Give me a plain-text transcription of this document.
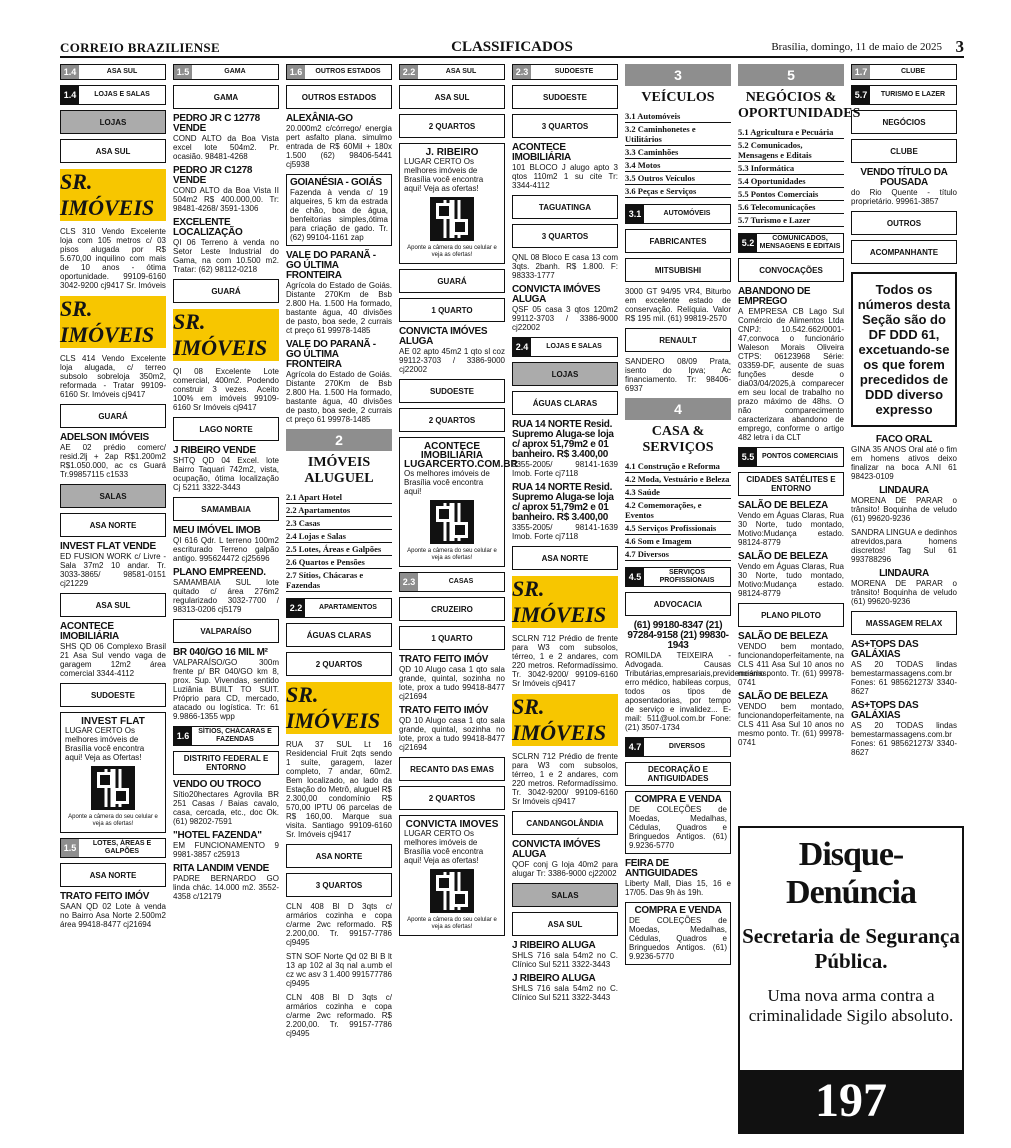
CORREIO BRAZILIENSE	CLASSIFICADOS	Brasília, domingo, 11 de maio de 2025 3
1.4	ASA SUL
1.4	LOJAS E SALAS
LOJAS
ASA SUL
SR. IMÓVEIS

CLS 310 Vendo Excelente loja com 105 metros c/ 03 pisos alugada por R$ 5.670,00 inquilino com mais de 10 anos - ótima oportunidade. 99109-6160 3042-9200 cj9417 Sr. Imóveis

SR. IMÓVEIS

CLS 414 Vendo Excelente loja alugada, c/ terreo subsolo sobreloja 350m2, reformada - Tratar 99109-6160 Sr. Imóveis cj9417

GUARÁ

ADELSON IMÓVEIS
AE 02 prédio comerc/ resid.2lj + 2ap R$1.200m2 R$1.050.000, ac cs Guará Tr.99857115 c1533

SALAS
ASA NORTE

INVEST FLAT VENDE
ED FUSION WORK c/ Livre - Sala 37m2 10 andar. Tr. 3033-3865/ 98581-0151 cj21229

ASA SUL

ACONTECE IMOBILIÁRIA
SHS QD 06 Complexo Brasil 21 Asa Sul vendo vaga de garagem 12m2 área comercial 3344-4112

SUDOESTE
INVEST FLAT
LUGAR CERTO Os melhores imóveis de Brasília você encontra aqui! Veja as Ofertas!
Aponte a câmera do seu celular e veja as ofertas!
1.5	LOTES, ÁREAS E GALPÕES
ASA NORTE

TRATO FEITO IMÓV
SAAN QD 02 Lote à venda no Bairro Asa Norte 2.500m2 área 99418-8477 cj21694

1.5	GAMA
GAMA

PEDRO JR C 12778 VENDE
COND ALTO da Boa Vista excel lote 504m2. Pr. ocasião. 98481-4268

PEDRO JR C1278 VENDE
COND ALTO da Boa Vista II 504m2 R$ 400.000,00. Tr: 98481-4268/ 3591-1306

EXCELENTE LOCALIZAÇÃO
QI 06 Terreno à venda no Setor Leste Industrial do Gama, na com 10.500 m2. Tratar: (62) 98112-0218

GUARÁ
SR. IMÓVEIS

QI 08 Excelente Lote comercial, 400m2. Podendo construir 3 vezes. Aceito 100% em imóveis 99109-6160 Sr Imóveis cj9417

LAGO NORTE

J RIBEIRO VENDE
SHTQ QD 04 Excel. lote Bairro Taquari 742m2, vista, ocupação, ótima localização Cj 5211 3322-3443

SAMAMBAIA

MEU IMÓVEL IMOB
QI 616 Qdr. L terreno 100m2 escriturado Terreno galpão antigo. 995624472 cj25696

PLANO EMPREEND.
SAMAMBAIA SUL lote quitado c/ área 276m2 regularizado 3032-7700 / 98313-0206 cj5179

VALPARAÍSO

BR 040/GO 16 MIL M²
VALPARAÍSO/GO 300m frente p/ BR 040/GO km 8, prox. Sup. Vivendas, sentido Luziânia BUILT TO SUIT. Próprio para CD, mercado, atacado ou logística. Tr: 61 9.9866-1355 wpp

1.6	SÍTIOS, CHÁCARAS E FAZENDAS
DISTRITO FEDERAL E ENTORNO

VENDO OU TROCO
Sítio20hectares Agrovila BR 251 Casas / Baias cavalo, casa, cercada, etc., doc Ok. (61) 98202-7591

"HOTEL FAZENDA"
EM FUNCIONAMENTO 9 9981-3857 c25913

RITA LANDIM VENDE
PADRE BERNARDO GO linda chác. 14.000 m2. 3552-4358 c/12179

1.6	OUTROS ESTADOS
OUTROS ESTADOS

ALEXÂNIA-GO
20.000m2 c/córrego/ energia pert asfalto plana. simulmo entrada de R$ 60Mil + 180x 1.500 (62) 98406-5441 cj5938

GOIANÉSIA - GOIÁS
Fazenda à venda c/ 19 alqueires, 5 km da estrada de chão, boa de água, benfeitorias simples,ótima para criação de gado. Tr. (62) 99104-1161 zap

VALE DO PARANÃ - GO ÚLTIMA FRONTEIRA
Agrícola do Estado de Goiás. Distante 270Km de Bsb 2.800 Ha. 1.500 Ha formado, bastante água, 40 divisões de pasto, boa sede, 2 currais ct preço 61 99978-1485

VALE DO PARANÃ - GO ÚLTIMA FRONTEIRA
Agrícola do Estado de Goiás. Distante 270Km de Bsb 2.800 Ha. 1.500 Ha formado, bastante água, 40 divisões de pasto, boa sede, 2 currais ct preço 61 99978-1485

2
IMÓVEIS ALUGUEL
2.1 Apart Hotel
2.2 Apartamentos
2.3 Casas
2.4 Lojas e Salas
2.5 Lotes, Áreas e Galpões
2.6 Quartos e Pensões
2.7 Sítios, Chácaras e Fazendas
2.2	APARTAMENTOS
ÁGUAS CLARAS
2 QUARTOS
SR. IMÓVEIS

RUA 37 SUL Lt 16 Residencial Fruit 2qts sendo 1 suíte, garagem, lazer completo, 7 andar, 60m2. Bem localizado, ao lado da Estação do Metrô, aluguel R$ 2.300,00 condomínio R$ 570,00 IPTU 06 parcelas de R$ 160,00. Marque sua visita. Santiago 99109-6160 Sr. Imóveis cj9417

ASA NORTE
3 QUARTOS

CLN 408 Bl D 3qts c/ armários cozinha e copa c/arme 2wc reformado. R$ 2.200,00. Tr. 99157-7786 cj9495

STN SOF Norte Qd 02 Bl B lt 13 ap 102 al 3q nal a.umb el cz wc asv 3 1.400 991577786 cj9495

CLN 408 Bl D 3qts c/ armários cozinha e copa c/arme 2wc reformado. R$ 2.200,00. Tr. 99157-7786 cj9495

2.2	ASA SUL
ASA SUL
2 QUARTOS
J. RIBEIRO
LUGAR CERTO Os melhores imóveis de Brasília você encontra aqui! Veja as ofertas!
Aponte a câmera do seu celular e veja as ofertas!
GUARÁ
1 QUARTO

CONVICTA IMÓVES ALUGA
AE 02 apto 45m2 1 qto sl coz 99112-3703 / 3386-9000 cj22002

SUDOESTE
2 QUARTOS
ACONTECE IMOBILIÁRIA LUGARCERTO.COM.BR
Os melhores imóveis de Brasília você encontra aqui!
Aponte a câmera do seu celular e veja as ofertas!
2.3	CASAS
CRUZEIRO
1 QUARTO

TRATO FEITO IMÓV
QD 10 Alugo casa 1 qto sala grande, quintal, sozinha no lote, prox a tudo 99418-8477 cj21694

TRATO FEITO IMÓV
QD 10 Alugo casa 1 qto sala grande, quintal, sozinha no lote, prox a tudo 99418-8477 cj21694

RECANTO DAS EMAS
2 QUARTOS
CONVICTA IMOVES
LUGAR CERTO Os melhores imóveis de Brasília você encontra aqui! Veja as ofertas!
Aponte a câmera do seu celular e veja as ofertas!
2.3	SUDOESTE
SUDOESTE
3 QUARTOS

ACONTECE IMOBILIÁRIA
101 BLOCO J alugo apto 3 qtos 110m2 1 su cite Tr: 3344-4112

TAGUATINGA
3 QUARTOS

QNL 08 Bloco E casa 13 com 3qts. 2banh. R$ 1.800. F: 98333-1777

CONVICTA IMÓVES ALUGA
QSF 05 casa 3 qtos 120m2 99112-3703 / 3386-9000 cj22002

2.4	LOJAS E SALAS
LOJAS
ÁGUAS CLARAS

RUA 14 NORTE Resid. Supremo Aluga-se loja c/ aprox 51,79m2 e 01 banheiro. R$ 3.400,00
3355-2005/ 98141-1639 Imob. Forte cj7118

RUA 14 NORTE Resid. Supremo Aluga-se loja c/ aprox 51,79m2 e 01 banheiro. R$ 3.400,00
3355-2005/ 98141-1639 Imob. Forte cj7118

ASA NORTE
SR. IMÓVEIS

SCLRN 712 Prédio de frente para W3 com subsolos, térreo, 1 e 2 andares, com 220 metros. Reformadíssimo. Tr. 3042-9200/ 99109-6160 Sr Imóveis cj9417

SR. IMÓVEIS

SCLRN 712 Prédio de frente para W3 com subsolos, térreo, 1 e 2 andares, com 220 metros. Reformadíssimo. Tr. 3042-9200/ 99109-6160 Sr Imóveis cj9417

CANDANGOLÂNDIA

CONVICTA IMÓVES ALUGA
QOF conj G loja 40m2 para alugar Tr: 3386-9000 cj22002

SALAS
ASA SUL

J RIBEIRO ALUGA
SHLS 716 sala 54m2 no C. Clínico Sul 5211 3322-3443

J RIBEIRO ALUGA
SHLS 716 sala 54m2 no C. Clínico Sul 5211 3322-3443

3
VEÍCULOS
3.1 Automóveis
3.2 Caminhonetes e Utilitários
3.3 Caminhões
3.4 Motos
3.5 Outros Veículos
3.6 Peças e Serviços
3.1	AUTOMÓVEIS
FABRICANTES
MITSUBISHI

3000 GT 94/95 VR4, Biturbo em excelente estado de conservação. Relíquia. Valor R$ 195 mil. (61) 99819-2570

RENAULT

SANDERO 08/09 Prata, isento do Ipva; Ac financiamento. Tr: 98406-6937

4
CASA & SERVIÇOS
4.1 Construção e Reforma
4.2 Moda, Vestuário e Beleza
4.3 Saúde
4.2 Comemorações, e Eventos
4.5 Serviços Profissionais
4.6 Som e Imagem
4.7 Diversos
4.5	SERVIÇOS PROFISSIONAIS
ADVOCACIA

(61) 99180-8347 (21) 97284-9158 (21) 99830-1943
ROMILDA TEIXEIRA - Advogada. Causas Tributárias,empresariais,previdenciárias, erro médico, habileas corpus, todos os tipos de aposentadorias, por tempo de serviço e invalidez... E-mail: 511@uol.com.br Fone: (21) 3507-1734

4.7	DIVERSOS
DECORAÇÃO E ANTIGUIDADES

COMPRA E VENDA
DE COLEÇÕES de Moedas, Medalhas, Cédulas, Quadros e Bringuedos Antigos. (61) 9.9236-5770

FEIRA DE ANTIGUIDADES
Liberty Mall, Dias 15, 16 e 17/05. Das 9h às 19h.

COMPRA E VENDA
DE COLEÇÕES de Moedas, Medalhas, Cédulas, Quadros e Bringuedos Antigos. (61) 9.9236-5770

5
NEGÓCIOS & OPORTUNIDADES
5.1 Agricultura e Pecuária
5.2 Comunicados, Mensagens e Editais
5.3 Informática
5.4 Oportunidades
5.5 Pontos Comerciais
5.6 Telecomunicações
5.7 Turismo e Lazer
5.2	COMUNICADOS, MENSAGENS E EDITAIS
CONVOCAÇÕES

ABANDONO DE EMPREGO
A EMPRESA CB Lago Sul Comércio de Alimentos Ltda CNPJ: 10.542.662/0001-47,convoca o funcionário Waleson Morais Oliveira CTPS: 06123968 Série: 03359-DF, ausente de suas funções desde o dia03/04/2025,à comparecer em seu local de trabalho no prazo máximo de 48hs. O não comparecimento caracterizara abandono de emprego, conforme o artigo 482 letra i da CLT

5.5	PONTOS COMERCIAIS
CIDADES SATÉLITES E ENTORNO

SALÃO DE BELEZA
Vendo em Águas Claras, Rua 30 Norte, tudo montado, Motivo:Mudança estado. 98124-8779

SALÃO DE BELEZA
Vendo em Águas Claras, Rua 30 Norte, tudo montado, Motivo:Mudança estado. 98124-8779

PLANO PILOTO

SALÃO DE BELEZA
VENDO bem montado, funcionandoperfeitamente, na CLS 411 Asa Sul 10 anos no mesmo ponto. Tr. (61) 99978-0741

SALÃO DE BELEZA
VENDO bem montado, funcionandoperfeitamente, na CLS 411 Asa Sul 10 anos no mesmo ponto. Tr. (61) 99978-0741

1.7	CLUBE
5.7	TURISMO E LAZER
NEGÓCIOS
CLUBE

VENDO TÍTULO DA POUSADA
do Rio Quente - título proprietário. 99961-3857

OUTROS
ACOMPANHANTE
Todos os números desta Seção são do DF DDD 61, excetuando-se os que forem precedidos de DDD diverso expresso

FACO ORAL
GINA 35 ANOS Oral até o fim em homens ativos deixo finalizar na boca A.NI 61 98423-0109

LINDAURA
MORENA DE PARAR o trânsito! Boquinha de veludo (61) 99620-9236

SANDRA LINGUA e dedinhos atrevidos,para homens discretos! Tag Sul 61 993788296

LINDAURA
MORENA DE PARAR o trânsito! Boquinha de veludo (61) 99620-9236

MASSAGEM RELAX

AS+TOPS DAS GALÁXIAS
AS 20 TODAS lindas bemestarmassagens.com.br Fones: 61 985621273/ 3340-8627

AS+TOPS DAS GALÁXIAS
AS 20 TODAS lindas bemestarmassagens.com.br Fones: 61 985621273/ 3340-8627

Disque-Denúncia
Secretaria de Segurança Pública.
Uma nova arma contra a criminalidade Sigilo absoluto.
197
